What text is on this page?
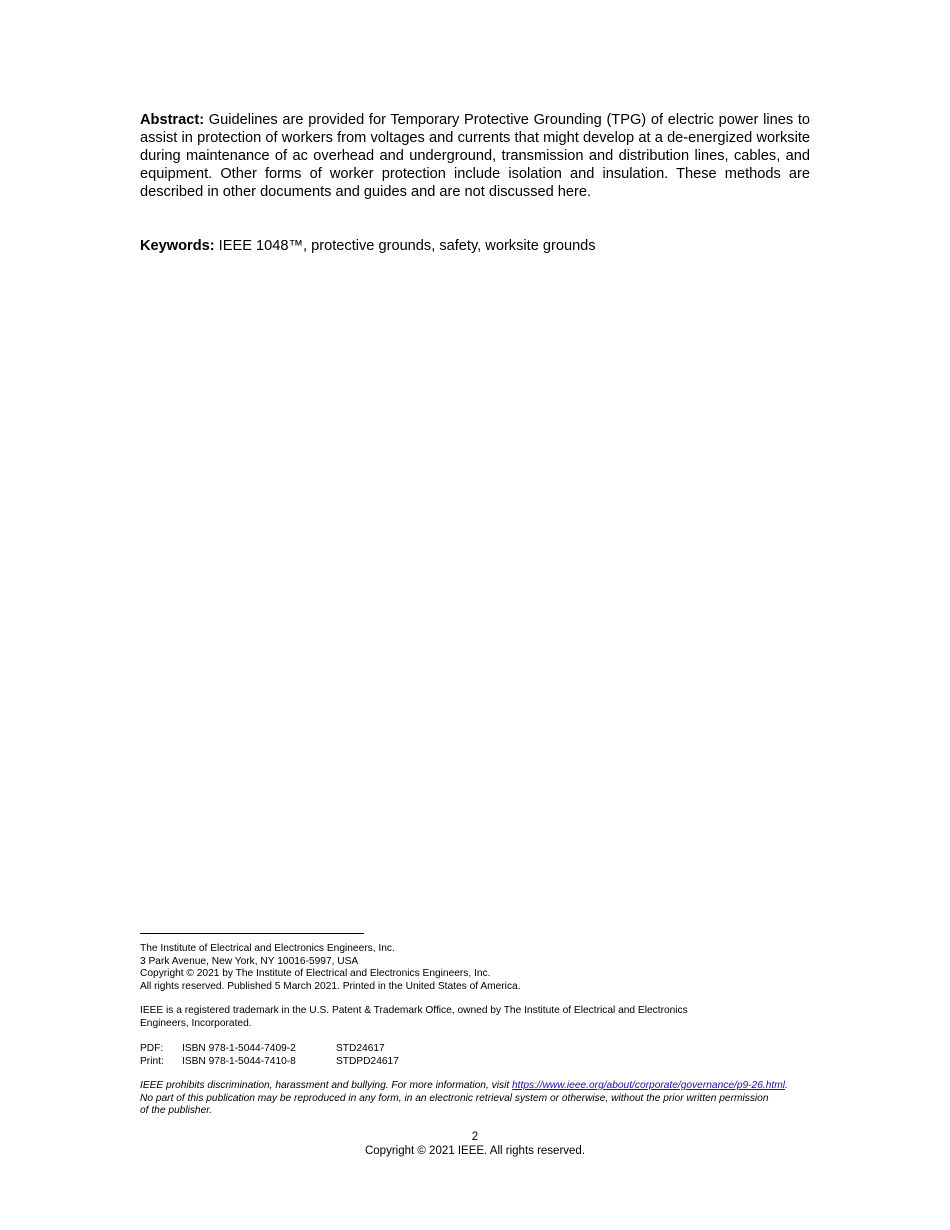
Abstract: Guidelines are provided for Temporary Protective Grounding (TPG) of electric power lines to assist in protection of workers from voltages and currents that might develop at a de-energized worksite during maintenance of ac overhead and underground, transmission and distribution lines, cables, and equipment. Other forms of worker protection include isolation and insulation. These methods are described in other documents and guides and are not discussed here.

Keywords: IEEE 1048™, protective grounds, safety, worksite grounds

The Institute of Electrical and Electronics Engineers, Inc.
3 Park Avenue, New York, NY 10016-5997, USA
Copyright © 2021 by The Institute of Electrical and Electronics Engineers, Inc.
All rights reserved. Published 5 March 2021. Printed in the United States of America.
IEEE is a registered trademark in the U.S. Patent & Trademark Office, owned by The Institute of Electrical and Electronics
Engineers, Incorporated.
PDF:	ISBN 978-1-5044-7409-2	STD24617
Print:	ISBN 978-1-5044-7410-8	STDPD24617
IEEE prohibits discrimination, harassment and bullying. For more information, visit https://www.ieee.org/about/corporate/governance/p9-26.html.
No part of this publication may be reproduced in any form, in an electronic retrieval system or otherwise, without the prior written permission
of the publisher.

2

Copyright © 2021 IEEE. All rights reserved.
